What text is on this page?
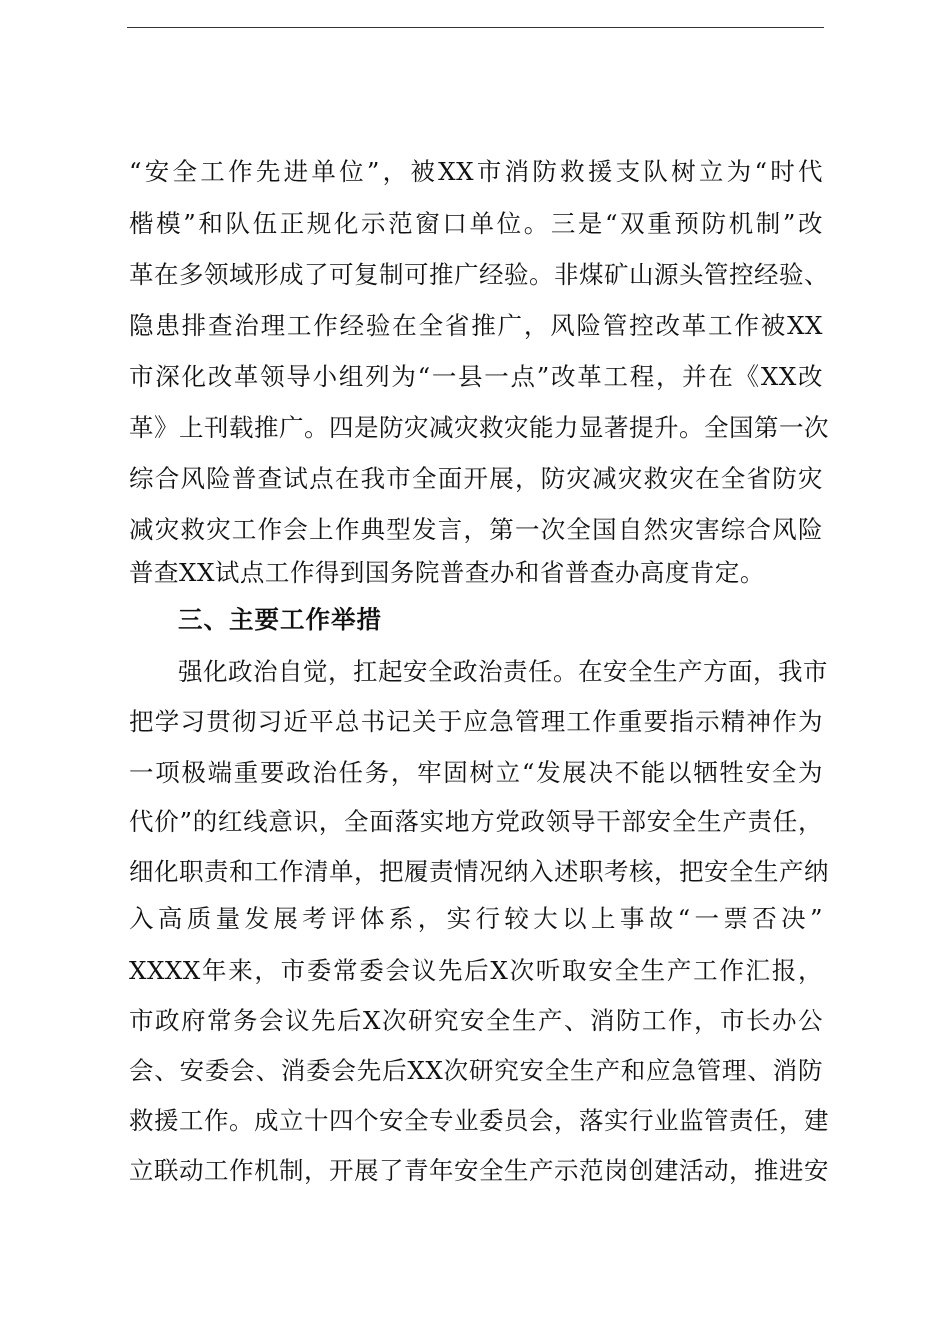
“安全工作先进单位”，被XX市消防救援支队树立为“时代
楷模”和队伍正规化示范窗口单位。三是“双重预防机制”改
革在多领域形成了可复制可推广经验。非煤矿山源头管控经验、
隐患排查治理工作经验在全省推广，风险管控改革工作被XX
市深化改革领导小组列为“一县一点”改革工程，并在《XX改
革》上刊载推广。四是防灾减灾救灾能力显著提升。全国第一次
综合风险普查试点在我市全面开展，防灾减灾救灾在全省防灾
减灾救灾工作会上作典型发言，第一次全国自然灾害综合风险
普查XX试点工作得到国务院普查办和省普查办高度肯定。
三、主要工作举措
强化政治自觉，扛起安全政治责任。在安全生产方面，我市
把学习贯彻习近平总书记关于应急管理工作重要指示精神作为
一项极端重要政治任务，牢固树立“发展决不能以牺牲安全为
代价”的红线意识，全面落实地方党政领导干部安全生产责任，
细化职责和工作清单，把履责情况纳入述职考核，把安全生产纳
入高质量发展考评体系，实行较大以上事故“一票否决”
XXXX年来，市委常委会议先后X次听取安全生产工作汇报，
市政府常务会议先后X次研究安全生产、消防工作，市长办公
会、安委会、消委会先后XX次研究安全生产和应急管理、消防
救援工作。成立十四个安全专业委员会，落实行业监管责任，建
立联动工作机制，开展了青年安全生产示范岗创建活动，推进安
